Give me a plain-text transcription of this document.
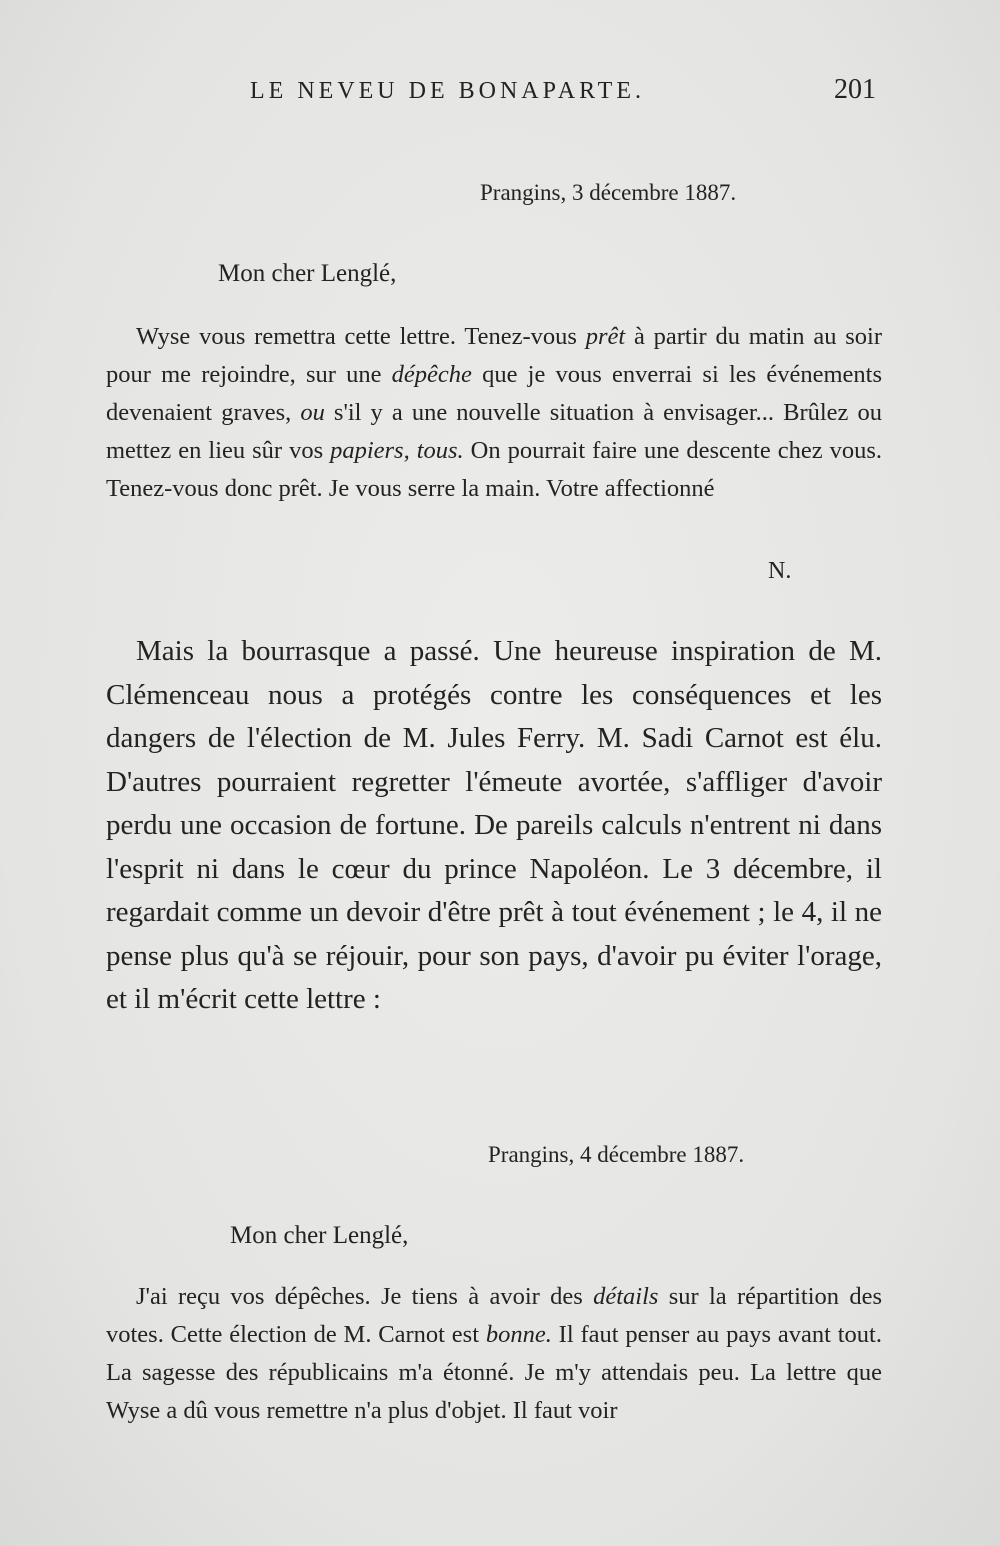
LE NEVEU DE BONAPARTE.	201
Prangins, 3 décembre 1887.
Mon cher Lenglé,

Wyse vous remettra cette lettre. Tenez-vous prêt à partir du matin au soir pour me rejoindre, sur une dépêche que je vous enverrai si les événements devenaient graves, ou s'il y a une nouvelle situation à envisager... Brûlez ou mettez en lieu sûr vos papiers, tous. On pourrait faire une descente chez vous. Tenez-vous donc prêt. Je vous serre la main. Votre affectionné

N.

Mais la bourrasque a passé. Une heureuse inspiration de M. Clémenceau nous a protégés contre les conséquences et les dangers de l'élection de M. Jules Ferry. M. Sadi Carnot est élu. D'autres pourraient regretter l'émeute avortée, s'affliger d'avoir perdu une occasion de fortune. De pareils calculs n'entrent ni dans l'esprit ni dans le cœur du prince Napoléon. Le 3 décembre, il regardait comme un devoir d'être prêt à tout événement ; le 4, il ne pense plus qu'à se réjouir, pour son pays, d'avoir pu éviter l'orage, et il m'écrit cette lettre :

Prangins, 4 décembre 1887.
Mon cher Lenglé,

J'ai reçu vos dépêches. Je tiens à avoir des détails sur la répartition des votes. Cette élection de M. Carnot est bonne. Il faut penser au pays avant tout. La sagesse des républicains m'a étonné. Je m'y attendais peu. La lettre que Wyse a dû vous remettre n'a plus d'objet. Il faut voir
